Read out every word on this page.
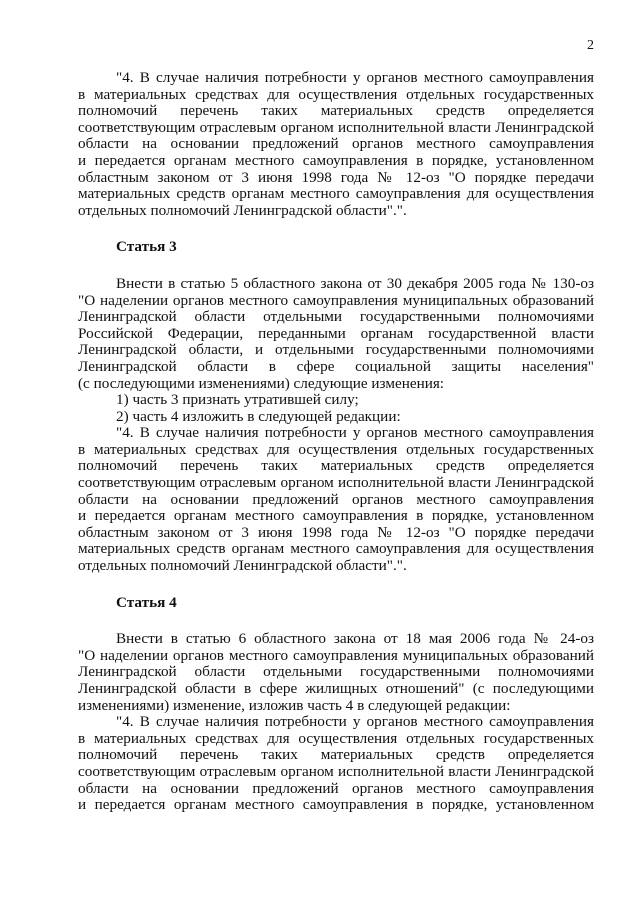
2
"4. В случае наличия потребности у органов местного самоуправления
в материальных средствах для осуществления отдельных государственных
полномочий перечень таких материальных средств определяется
соответствующим отраслевым органом исполнительной власти Ленинградской
области на основании предложений органов местного самоуправления
и передается органам местного самоуправления в порядке, установленном
областным законом от 3 июня 1998 года № 12-оз "О порядке передачи
материальных средств органам местного самоуправления для осуществления
отдельных полномочий Ленинградской области".".
Статья 3
Внести в статью 5 областного закона от 30 декабря 2005 года № 130-оз
"О наделении органов местного самоуправления муниципальных образований
Ленинградской области отдельными государственными полномочиями
Российской Федерации, переданными органам государственной власти
Ленинградской области, и отдельными государственными полномочиями
Ленинградской области в сфере социальной защиты населения"
(с последующими изменениями) следующие изменения:
1) часть 3 признать утратившей силу;
2) часть 4 изложить в следующей редакции:
"4. В случае наличия потребности у органов местного самоуправления
в материальных средствах для осуществления отдельных государственных
полномочий перечень таких материальных средств определяется
соответствующим отраслевым органом исполнительной власти Ленинградской
области на основании предложений органов местного самоуправления
и передается органам местного самоуправления в порядке, установленном
областным законом от 3 июня 1998 года № 12-оз "О порядке передачи
материальных средств органам местного самоуправления для осуществления
отдельных полномочий Ленинградской области".".
Статья 4
Внести в статью 6 областного закона от 18 мая 2006 года № 24-оз
"О наделении органов местного самоуправления муниципальных образований
Ленинградской области отдельными государственными полномочиями
Ленинградской области в сфере жилищных отношений" (с последующими
изменениями) изменение, изложив часть 4 в следующей редакции:
"4. В случае наличия потребности у органов местного самоуправления
в материальных средствах для осуществления отдельных государственных
полномочий перечень таких материальных средств определяется
соответствующим отраслевым органом исполнительной власти Ленинградской
области на основании предложений органов местного самоуправления
и передается органам местного самоуправления в порядке, установленном
